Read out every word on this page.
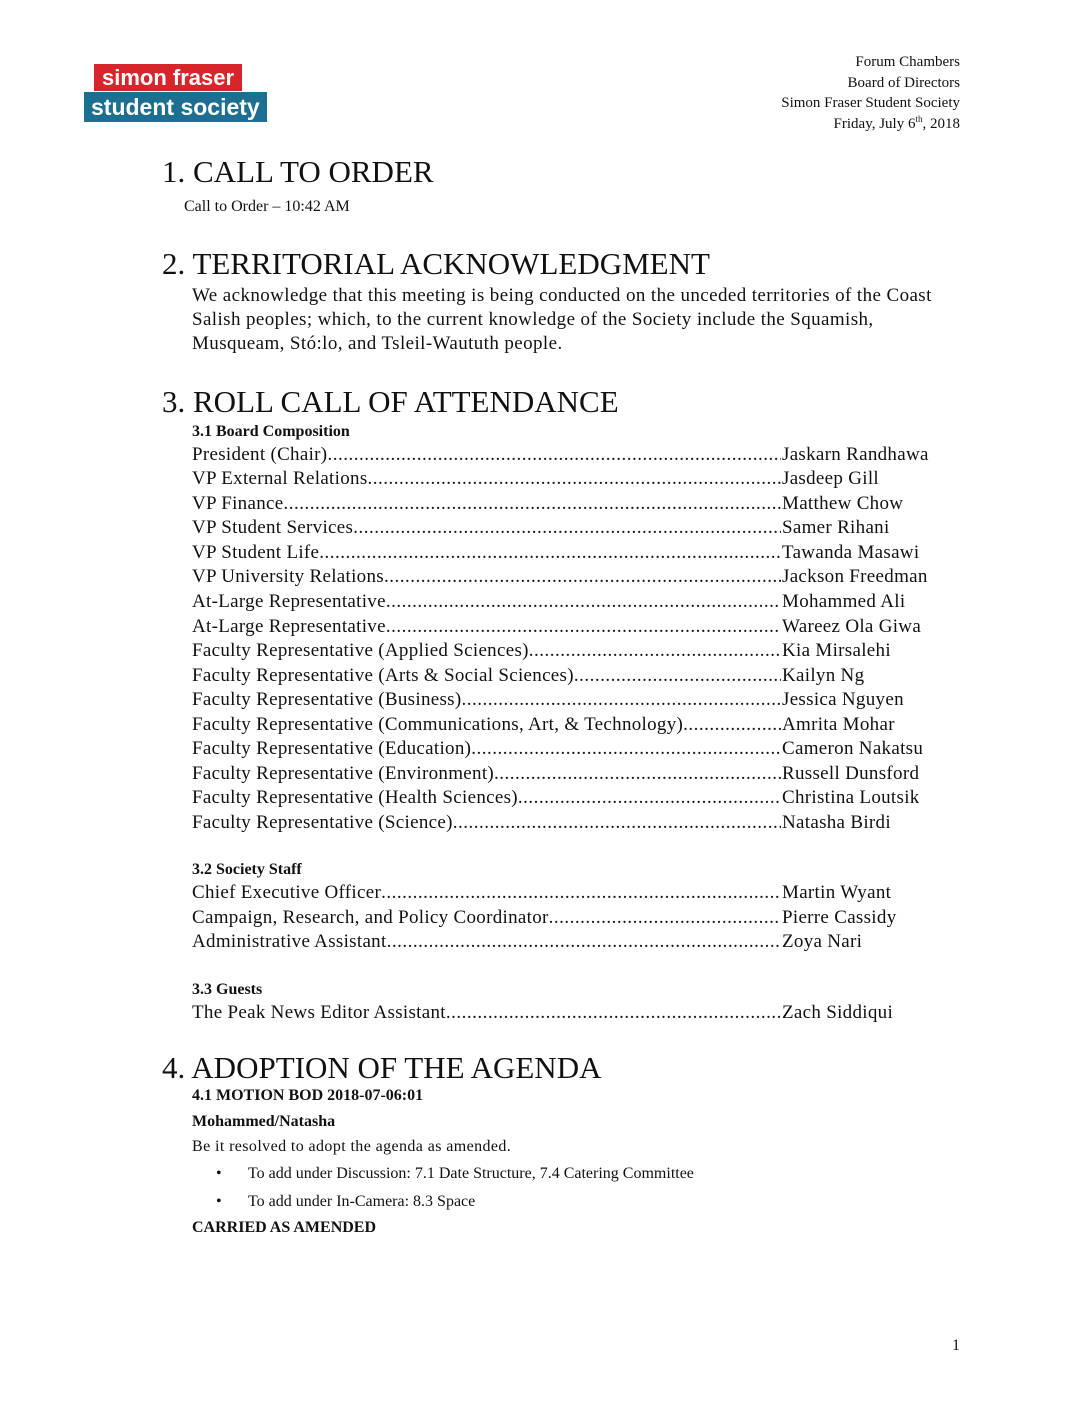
simon fraser
student society
Forum Chambers
Board of Directors
Simon Fraser Student Society
Friday, July 6th, 2018
1. CALL TO ORDER
Call to Order – 10:42 AM
2. TERRITORIAL ACKNOWLEDGMENT
We acknowledge that this meeting is being conducted on the unceded territories of the Coast Salish peoples; which, to the current knowledge of the Society include the Squamish, Musqueam, Stó:lo, and Tsleil-Waututh people.
3. ROLL CALL OF ATTENDANCE
3.1 Board Composition
President (Chair) .....	Jaskarn Randhawa
VP External Relations .....	Jasdeep Gill
VP Finance .....	Matthew Chow
VP Student Services .....	Samer Rihani
VP Student Life .....	Tawanda Masawi
VP University Relations .....	Jackson Freedman
At-Large Representative .....	Mohammed Ali
At-Large Representative .....	Wareez Ola Giwa
Faculty Representative (Applied Sciences) .....	Kia Mirsalehi
Faculty Representative (Arts & Social Sciences) .....	Kailyn Ng
Faculty Representative (Business) .....	Jessica Nguyen
Faculty Representative (Communications, Art, & Technology) .....	Amrita Mohar
Faculty Representative (Education) .....	Cameron Nakatsu
Faculty Representative (Environment) .....	Russell Dunsford
Faculty Representative (Health Sciences) .....	Christina Loutsik
Faculty Representative (Science) .....	Natasha Birdi
3.2 Society Staff
Chief Executive Officer .....	Martin Wyant
Campaign, Research, and Policy Coordinator .....	Pierre Cassidy
Administrative Assistant .....	Zoya Nari
3.3 Guests
The Peak News Editor Assistant .....	Zach Siddiqui
4. ADOPTION OF THE AGENDA
4.1 MOTION BOD 2018-07-06:01
Mohammed/Natasha
Be it resolved to adopt the agenda as amended.
• To add under Discussion: 7.1 Date Structure, 7.4 Catering Committee
• To add under In-Camera: 8.3 Space
CARRIED AS AMENDED
1
